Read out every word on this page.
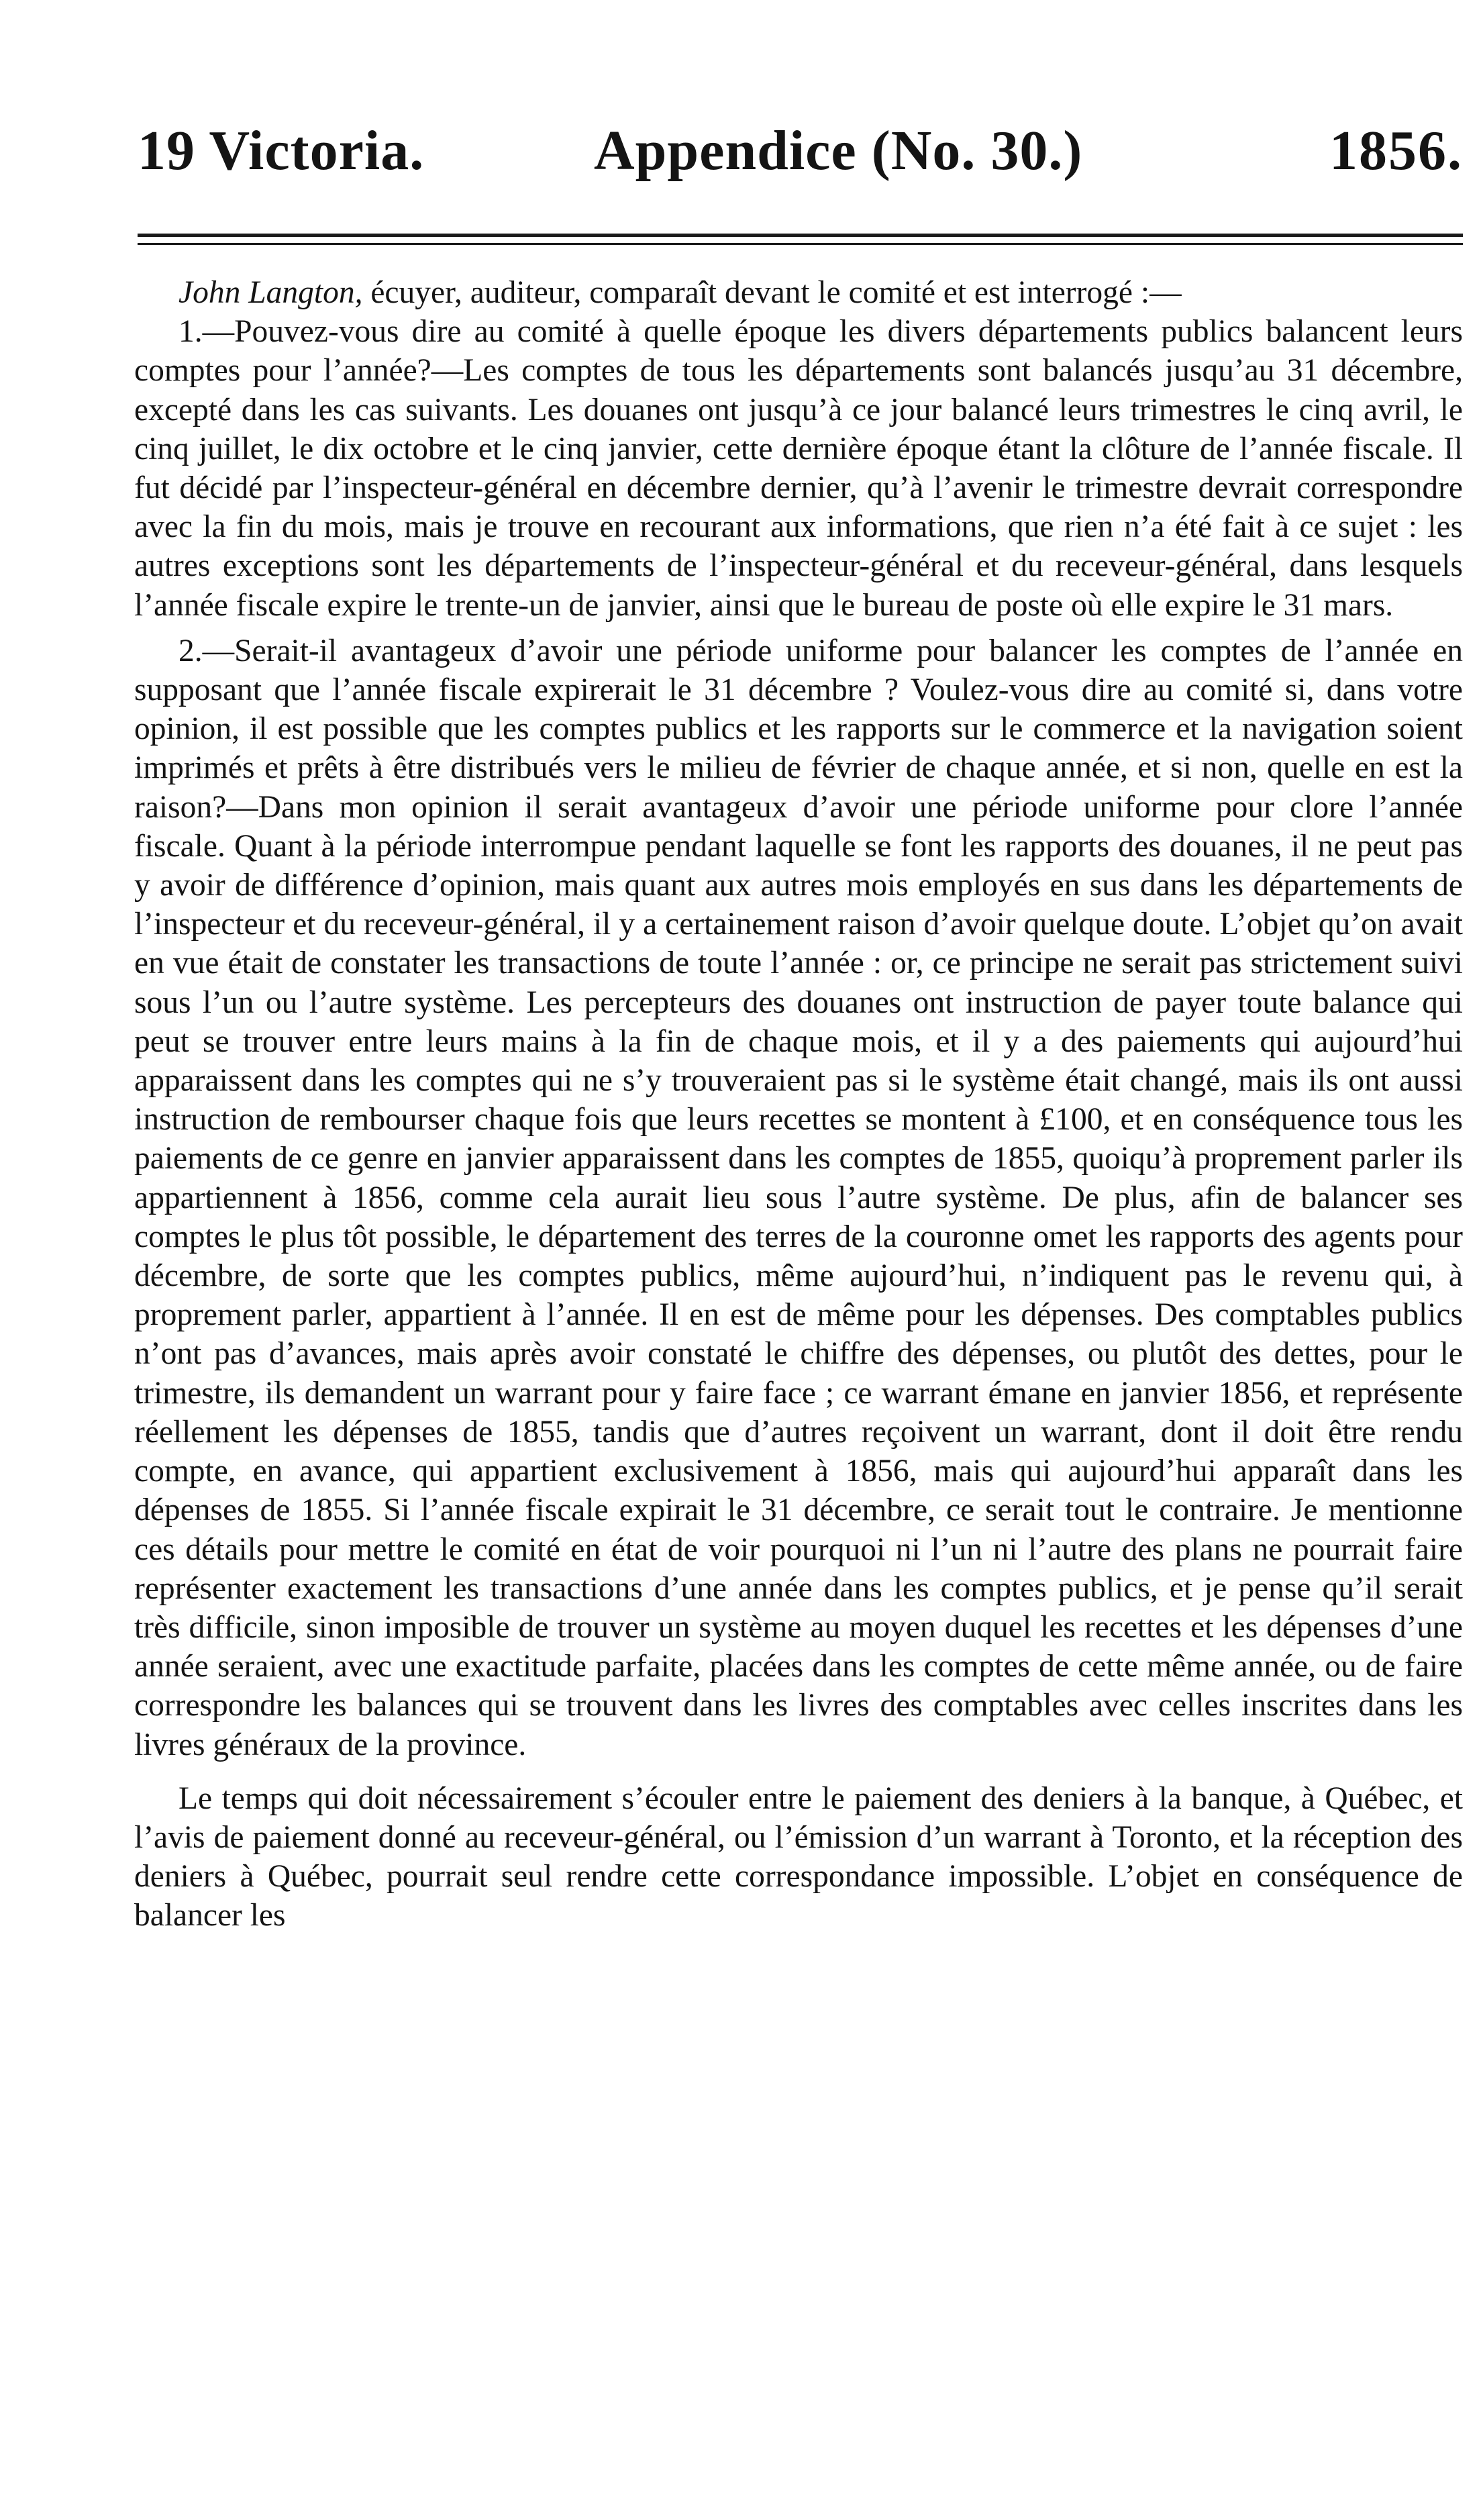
19 Victoria.	Appendice (No. 30.)	1856.

John Langton, écuyer, auditeur, comparaît devant le comité et est interrogé :—

1.—Pouvez-vous dire au comité à quelle époque les divers départements publics balancent leurs comptes pour l’année?—Les comptes de tous les départements sont balancés jusqu’au 31 décembre, excepté dans les cas suivants. Les douanes ont jusqu’à ce jour balancé leurs trimestres le cinq avril, le cinq juillet, le dix octobre et le cinq janvier, cette dernière époque étant la clôture de l’année fiscale. Il fut décidé par l’inspecteur-général en décembre dernier, qu’à l’avenir le trimestre devrait correspondre avec la fin du mois, mais je trouve en recourant aux informations, que rien n’a été fait à ce sujet : les autres exceptions sont les départements de l’inspecteur-général et du receveur-général, dans lesquels l’année fiscale expire le trente-un de janvier, ainsi que le bureau de poste où elle expire le 31 mars.

2.—Serait-il avantageux d’avoir une période uniforme pour balancer les comptes de l’année en supposant que l’année fiscale expirerait le 31 décembre ? Voulez-vous dire au comité si, dans votre opinion, il est possible que les comptes publics et les rapports sur le commerce et la navigation soient imprimés et prêts à être distribués vers le milieu de février de chaque année, et si non, quelle en est la raison?—Dans mon opinion il serait avantageux d’avoir une période uniforme pour clore l’année fiscale. Quant à la période interrompue pendant laquelle se font les rapports des douanes, il ne peut pas y avoir de différence d’opinion, mais quant aux autres mois employés en sus dans les départements de l’inspecteur et du receveur-général, il y a certainement raison d’avoir quelque doute. L’objet qu’on avait en vue était de constater les transactions de toute l’année : or, ce principe ne serait pas strictement suivi sous l’un ou l’autre système. Les percepteurs des douanes ont instruction de payer toute balance qui peut se trouver entre leurs mains à la fin de chaque mois, et il y a des paiements qui aujourd’hui apparaissent dans les comptes qui ne s’y trouveraient pas si le système était changé, mais ils ont aussi instruction de rembourser chaque fois que leurs recettes se montent à £100, et en conséquence tous les paiements de ce genre en janvier apparaissent dans les comptes de 1855, quoiqu’à proprement parler ils appartiennent à 1856, comme cela aurait lieu sous l’autre système. De plus, afin de balancer ses comptes le plus tôt possible, le département des terres de la couronne omet les rapports des agents pour décembre, de sorte que les comptes publics, même aujourd’hui, n’indiquent pas le revenu qui, à proprement parler, appartient à l’année. Il en est de même pour les dépenses. Des comptables publics n’ont pas d’avances, mais après avoir constaté le chiffre des dépenses, ou plutôt des dettes, pour le trimestre, ils demandent un warrant pour y faire face ; ce warrant émane en janvier 1856, et représente réellement les dépenses de 1855, tandis que d’autres reçoivent un warrant, dont il doit être rendu compte, en avance, qui appartient exclusivement à 1856, mais qui aujourd’hui apparaît dans les dépenses de 1855. Si l’année fiscale expirait le 31 décembre, ce serait tout le contraire. Je mentionne ces détails pour mettre le comité en état de voir pourquoi ni l’un ni l’autre des plans ne pourrait faire représenter exactement les transactions d’une année dans les comptes publics, et je pense qu’il serait très difficile, sinon imposible de trouver un système au moyen duquel les recettes et les dépenses d’une année seraient, avec une exactitude parfaite, placées dans les comptes de cette même année, ou de faire correspondre les balances qui se trouvent dans les livres des comptables avec celles inscrites dans les livres généraux de la province.

Le temps qui doit nécessairement s’écouler entre le paiement des deniers à la banque, à Québec, et l’avis de paiement donné au receveur-général, ou l’émission d’un warrant à Toronto, et la réception des deniers à Québec, pourrait seul rendre cette correspondance impossible. L’objet en conséquence de balancer les
